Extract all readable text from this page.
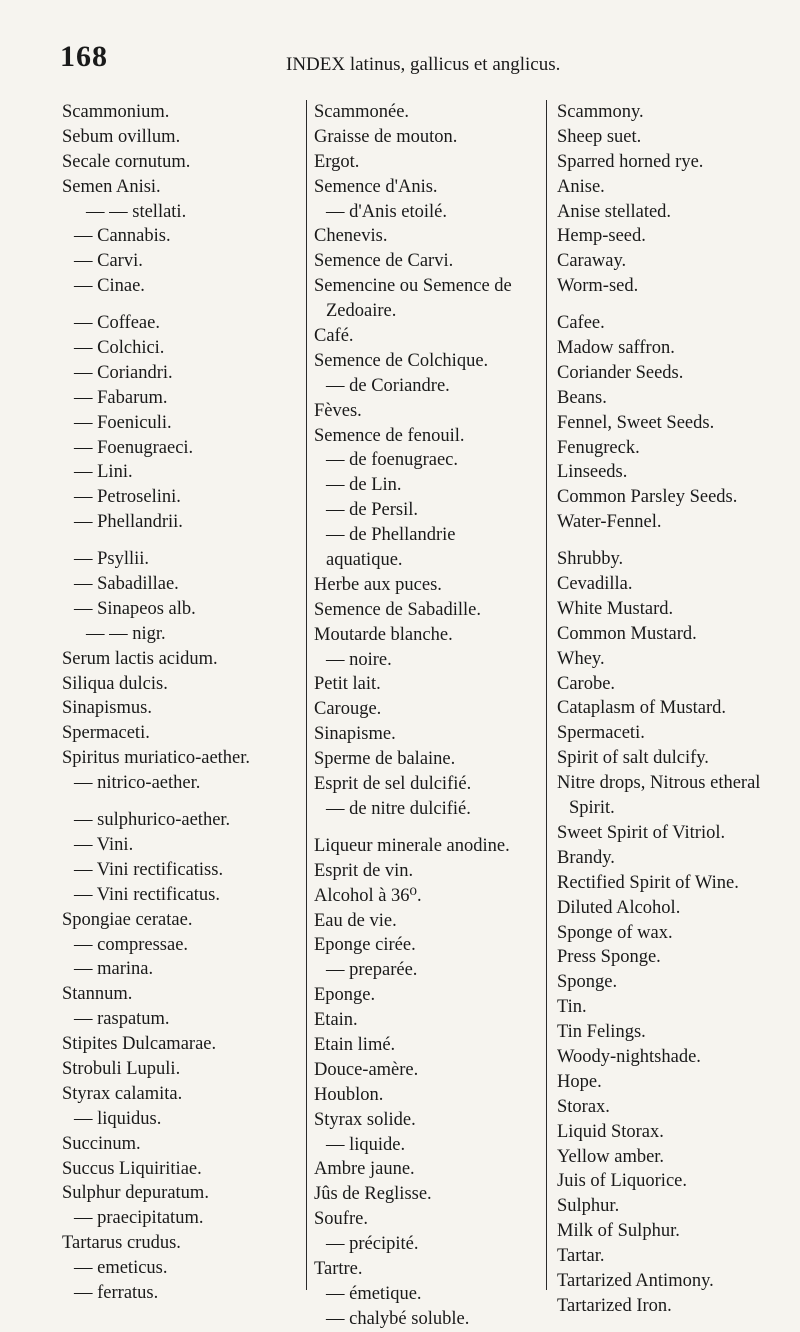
168	INDEX latinus, gallicus et anglicus.
Scammonium.
Sebum ovillum.
Secale cornutum.
Semen Anisi.
— — stellati.
— Cannabis.
— Carvi.
— Cinae.
— Coffeae.
— Colchici.
— Coriandri.
— Fabarum.
— Foeniculi.
— Foenugraeci.
— Lini.
— Petroselini.
— Phellandrii.
— Psyllii.
— Sabadillae.
— Sinapeos alb.
— — nigr.
Serum lactis acidum.
Siliqua dulcis.
Sinapismus.
Spermaceti.
Spiritus muriatico-aether.
— nitrico-aether.
— sulphurico-aether.
— Vini.
— Vini rectificatiss.
— Vini rectificatus.
Spongiae ceratae.
— compressae.
— marina.
Stannum.
— raspatum.
Stipites Dulcamarae.
Strobuli Lupuli.
Styrax calamita.
— liquidus.
Succinum.
Succus Liquiritiae.
Sulphur depuratum.
— praecipitatum.
Tartarus crudus.
— emeticus.
— ferratus.
Scammonée.
Graisse de mouton.
Ergot.
Semence d'Anis.
— d'Anis etoilé.
Chenevis.
Semence de Carvi.
Semencine ou Semence de
Zedoaire.
Café.
Semence de Colchique.
— de Coriandre.
Fèves.
Semence de fenouil.
— de foenugraec.
— de Lin.
— de Persil.
— de Phellandrie
aquatique.
Herbe aux puces.
Semence de Sabadille.
Moutarde blanche.
— noire.
Petit lait.
Carouge.
Sinapisme.
Sperme de balaine.
Esprit de sel dulcifié.
— de nitre dulcifié.
Liqueur minerale anodine.
Esprit de vin.
Alcohol à 36⁰.
Eau de vie.
Eponge cirée.
— preparée.
Eponge.
Etain.
Etain limé.
Douce-amère.
Houblon.
Styrax solide.
— liquide.
Ambre jaune.
Jûs de Reglisse.
Soufre.
— précipité.
Tartre.
— émetique.
— chalybé soluble.
Scammony.
Sheep suet.
Sparred horned rye.
Anise.
Anise stellated.
Hemp-seed.
Caraway.
Worm-sed.
Cafee.
Madow saffron.
Coriander Seeds.
Beans.
Fennel, Sweet Seeds.
Fenugreck.
Linseeds.
Common Parsley Seeds.
Water-Fennel.
Shrubby.
Cevadilla.
White Mustard.
Common Mustard.
Whey.
Carobe.
Cataplasm of Mustard.
Spermaceti.
Spirit of salt dulcify.
Nitre drops, Nitrous etheral
Spirit.
Sweet Spirit of Vitriol.
Brandy.
Rectified Spirit of Wine.
Diluted Alcohol.
Sponge of wax.
Press Sponge.
Sponge.
Tin.
Tin Felings.
Woody-nightshade.
Hope.
Storax.
Liquid Storax.
Yellow amber.
Juis of Liquorice.
Sulphur.
Milk of Sulphur.
Tartar.
Tartarized Antimony.
Tartarized Iron.
